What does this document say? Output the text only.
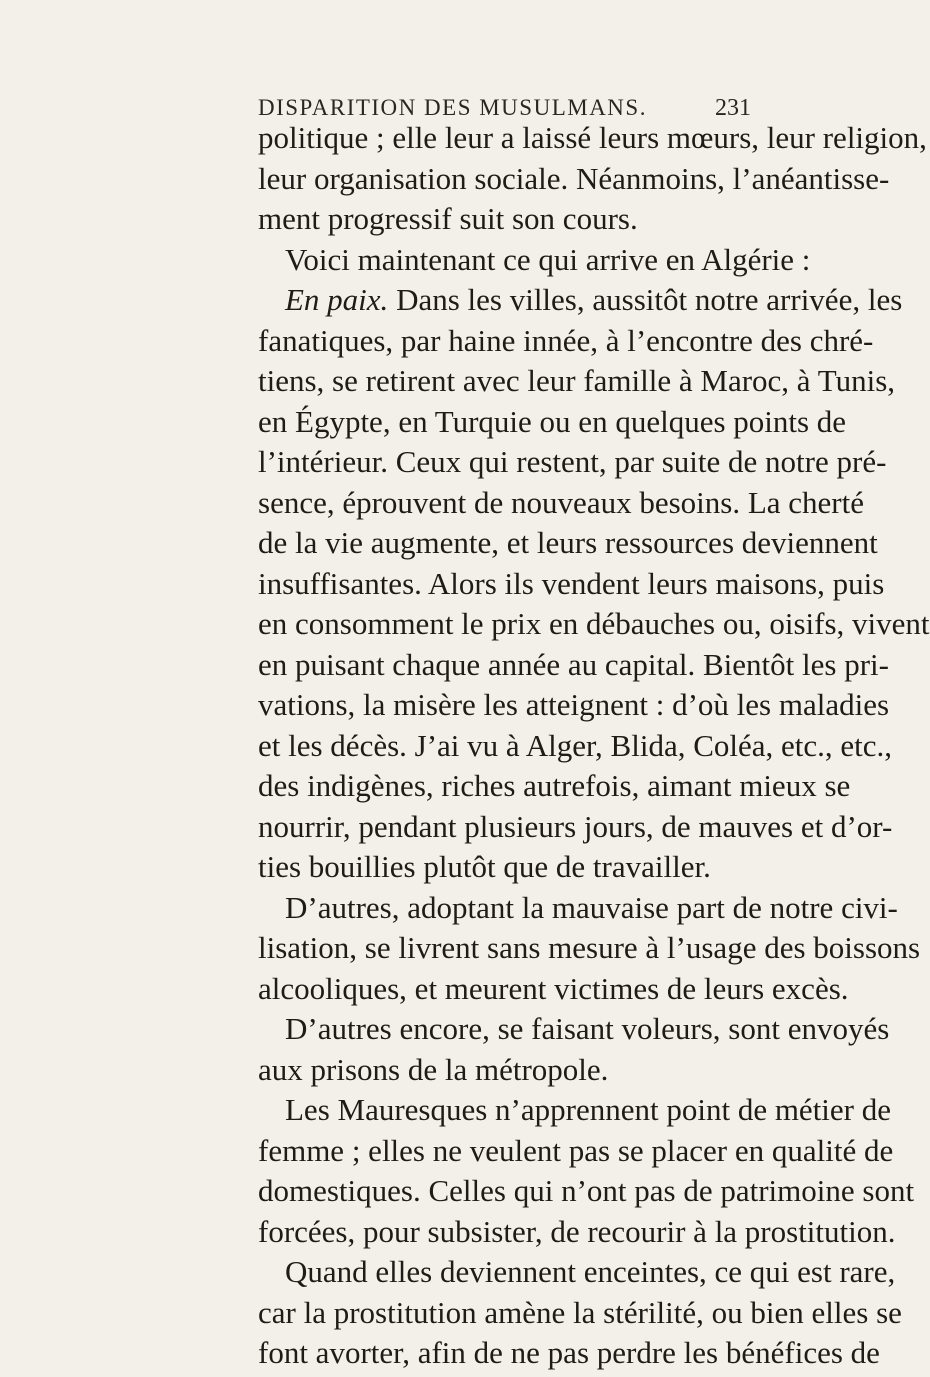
DISPARITION DES MUSULMANS.	231
politique ; elle leur a laissé leurs mœurs, leur religion,
leur organisation sociale. Néanmoins, l’anéantisse-
ment progressif suit son cours.
Voici maintenant ce qui arrive en Algérie :
En paix. Dans les villes, aussitôt notre arrivée, les
fanatiques, par haine innée, à l’encontre des chré-
tiens, se retirent avec leur famille à Maroc, à Tunis,
en Égypte, en Turquie ou en quelques points de
l’intérieur. Ceux qui restent, par suite de notre pré-
sence, éprouvent de nouveaux besoins. La cherté
de la vie augmente, et leurs ressources deviennent
insuffisantes. Alors ils vendent leurs maisons, puis
en consomment le prix en débauches ou, oisifs, vivent
en puisant chaque année au capital. Bientôt les pri-
vations, la misère les atteignent : d’où les maladies
et les décès. J’ai vu à Alger, Blida, Coléa, etc., etc.,
des indigènes, riches autrefois, aimant mieux se
nourrir, pendant plusieurs jours, de mauves et d’or-
ties bouillies plutôt que de travailler.
D’autres, adoptant la mauvaise part de notre civi-
lisation, se livrent sans mesure à l’usage des boissons
alcooliques, et meurent victimes de leurs excès.
D’autres encore, se faisant voleurs, sont envoyés
aux prisons de la métropole.
Les Mauresques n’apprennent point de métier de
femme ; elles ne veulent pas se placer en qualité de
domestiques. Celles qui n’ont pas de patrimoine sont
forcées, pour subsister, de recourir à la prostitution.
Quand elles deviennent enceintes, ce qui est rare,
car la prostitution amène la stérilité, ou bien elles se
font avorter, afin de ne pas perdre les bénéfices de
